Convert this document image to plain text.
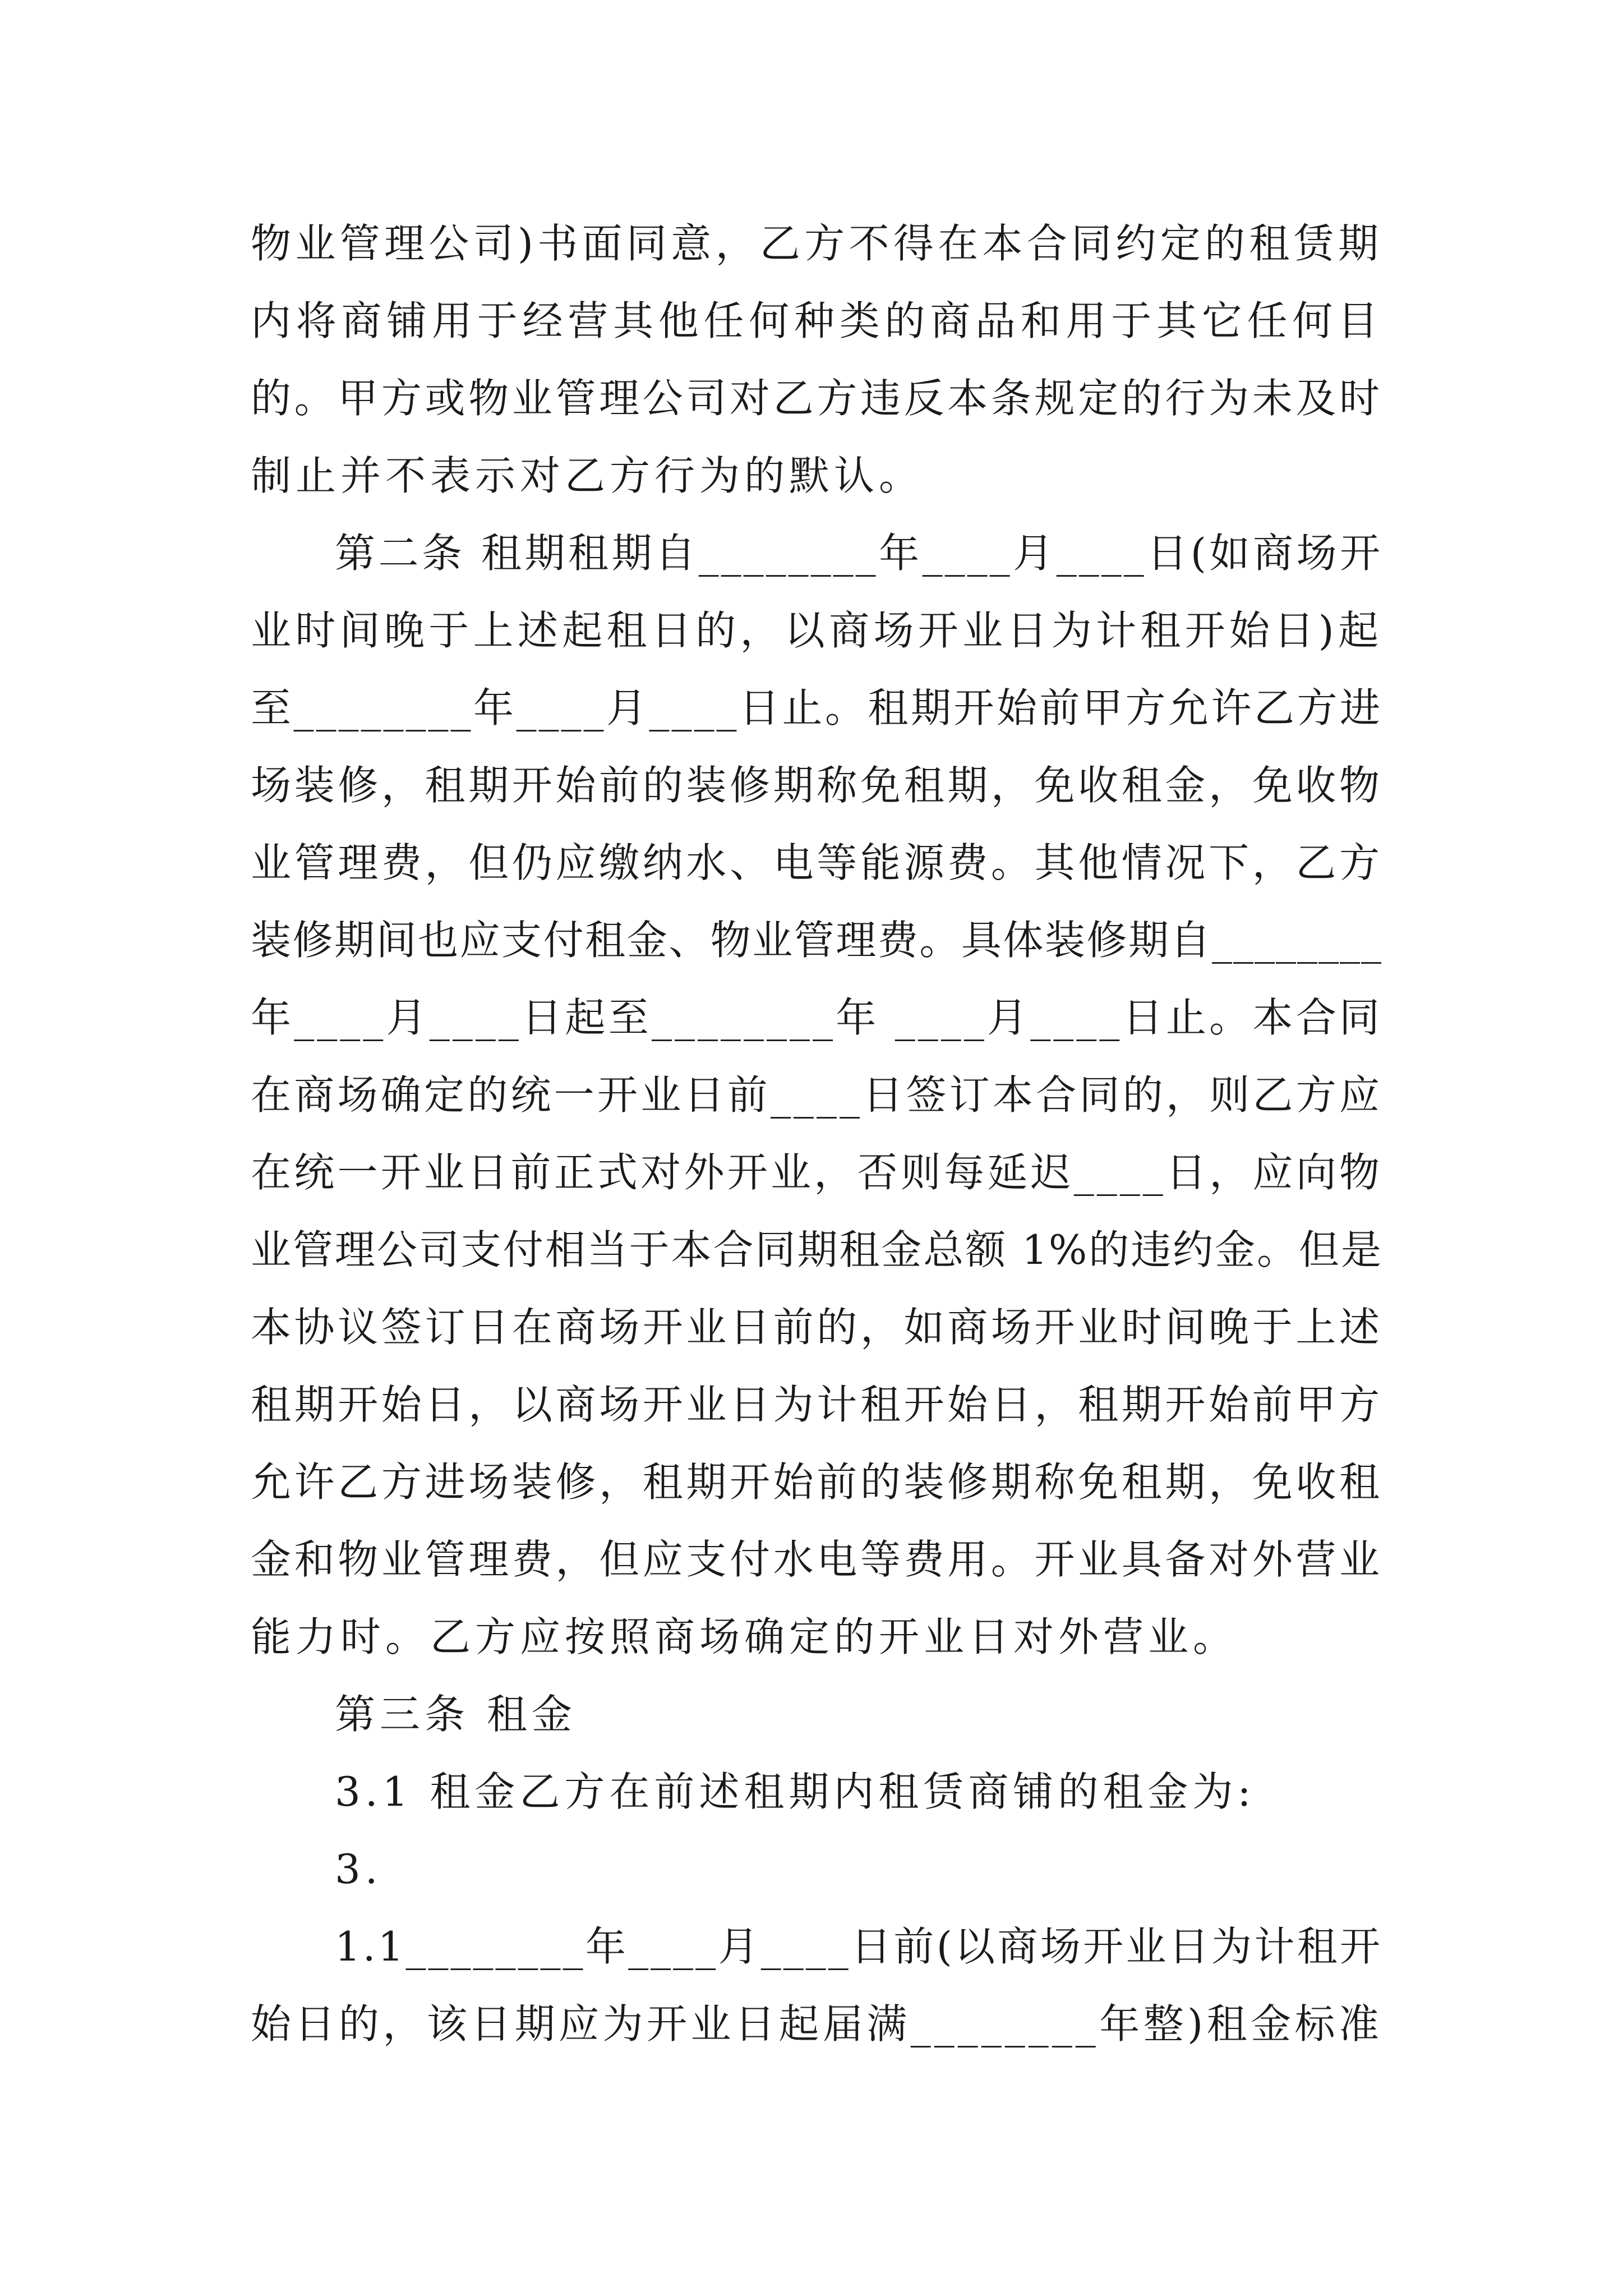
物业管理公司)书面同意，乙方不得在本合同约定的租赁期
内将商铺用于经营其他任何种类的商品和用于其它任何目
的。甲方或物业管理公司对乙方违反本条规定的行为未及时
制止并不表示对乙方行为的默认。
第二条 租期租期自________年____月____日(如商场开
业时间晚于上述起租日的，以商场开业日为计租开始日)起
至________年____月____日止。租期开始前甲方允许乙方进
场装修，租期开始前的装修期称免租期，免收租金，免收物
业管理费，但仍应缴纳水、电等能源费。其他情况下，乙方
装修期间也应支付租金、物业管理费。具体装修期自________
年____月____日起至________年 ____月____日止。本合同
在商场确定的统一开业日前____日签订本合同的，则乙方应
在统一开业日前正式对外开业，否则每延迟____日，应向物
业管理公司支付相当于本合同期租金总额 1%的违约金。但是
本协议签订日在商场开业日前的，如商场开业时间晚于上述
租期开始日，以商场开业日为计租开始日，租期开始前甲方
允许乙方进场装修，租期开始前的装修期称免租期，免收租
金和物业管理费，但应支付水电等费用。开业具备对外营业
能力时。乙方应按照商场确定的开业日对外营业。
第三条 租金
3.1 租金乙方在前述租期内租赁商铺的租金为:
3.
1.1________年____月____日前(以商场开业日为计租开
始日的，该日期应为开业日起届满________年整)租金标准
